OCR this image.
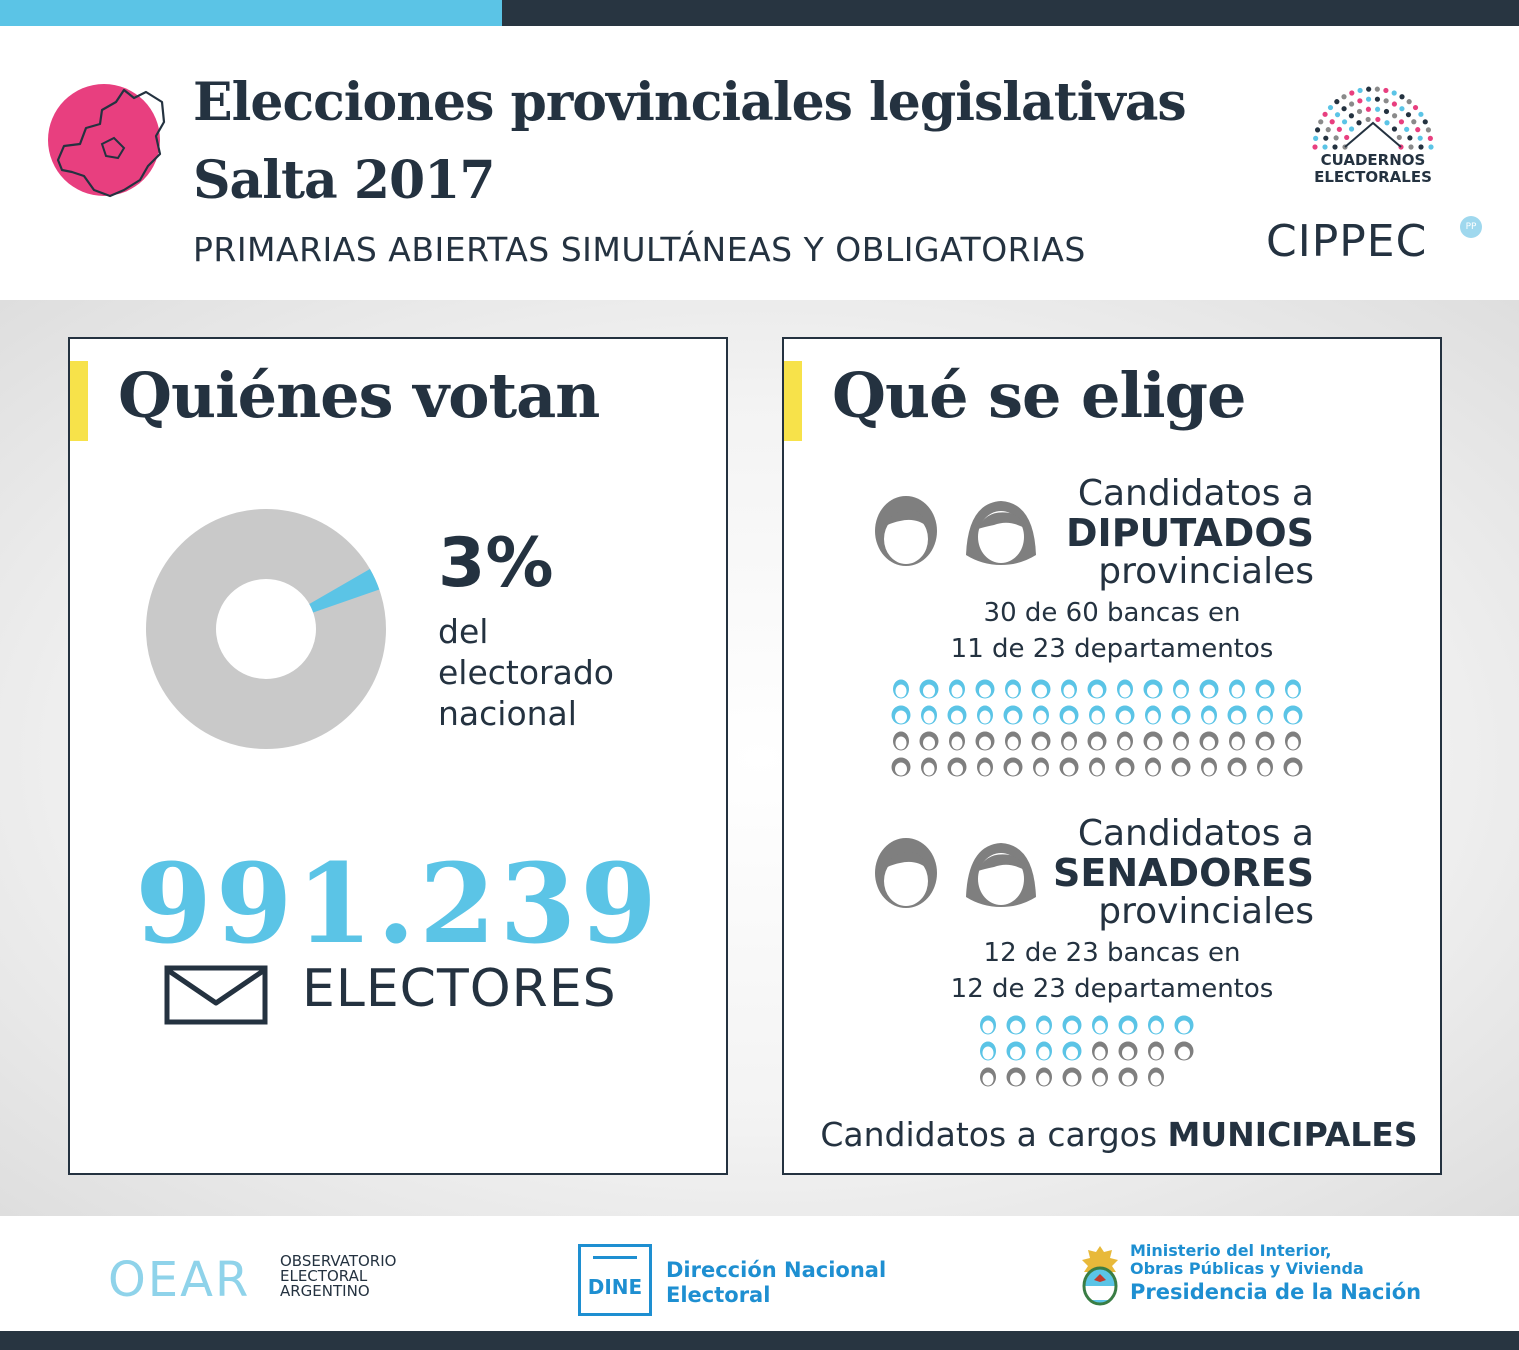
Elecciones provinciales legislativas
Salta 2017
PRIMARIAS ABIERTAS SIMULTÁNEAS Y OBLIGATORIAS
CUADERNOS
ELECTORALES
CIPPEC	PP
Quiénes votan
3%
del
electorado
nacional
991.239
ELECTORES
Qué se elige
Candidatos a
DIPUTADOS
provinciales
30 de 60 bancas en
11 de 23 departamentos
Candidatos a
SENADORES
provinciales
12 de 23 bancas en
12 de 23 departamentos
Candidatos a cargos MUNICIPALES
OEAR OBSERVATORIO
ELECTORAL
ARGENTINO	DINE
Dirección Nacional
Electoral
Ministerio del Interior,
Obras Públicas y Vivienda
Presidencia de la Nación
